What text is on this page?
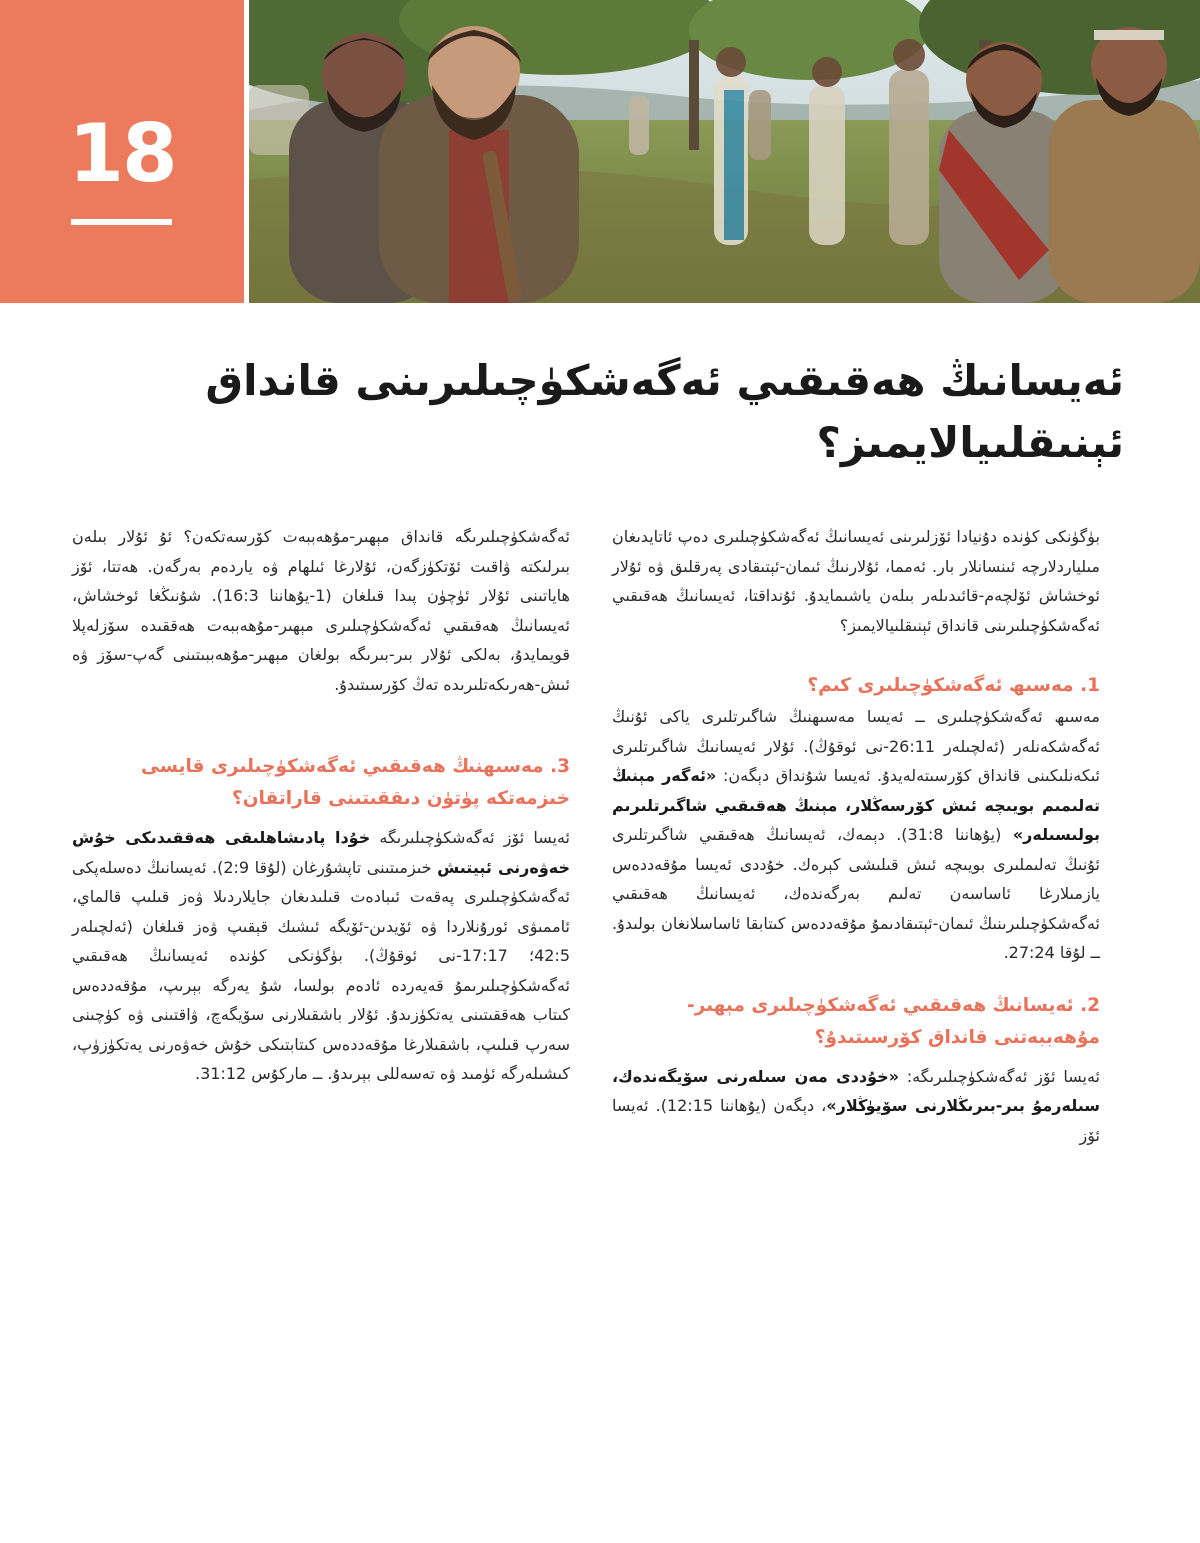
18
ئەيسانىڭ ھەقىقىي ئەگەشكۈچىلىرىنى قانداق ئېنىقلىيالايمىز؟

بۈگۈنكى كۈندە دۇنيادا ئۆزلىرىنى ئەيسانىڭ ئەگەشكۈچىلىرى دەپ ئاتايدىغان مىلياردلارچە ئىنسانلار بار. ئەمما، ئۇلارنىڭ ئىمان-ئېتىقادى پەرقلىق ۋە ئۇلار ئوخشاش ئۆلچەم-قائىدىلەر بىلەن ياشىمايدۇ. ئۇنداقتا، ئەيسانىڭ ھەقىقىي ئەگەشكۈچىلىرىنى قانداق ئېنىقلىيالايمىز؟

1. مەسىھ ئەگەشكۈچىلىرى كىم؟

مەسىھ ئەگەشكۈچىلىرى ــ ئەيسا مەسىھنىڭ شاگىرتلىرى ياكى ئۇنىڭ ئەگەشكەنلەر (ئەلچىلەر 26:11-نى ئوقۇڭ). ئۇلار ئەيسانىڭ شاگىرتلىرى ئىكەنلىكىنى قانداق كۆرسىتەلەيدۇ. ئەيسا شۇنداق دېگەن: «ئەگەر مېنىڭ تەلىمىم بويىچە ئىش كۆرسەڭلار، مېنىڭ ھەقىقىي شاگىرتلىرىم بولىسىلەر» (يۇھاننا 31:8). دېمەك، ئەيسانىڭ ھەقىقىي شاگىرتلىرى ئۇنىڭ تەلىملىرى بويىچە ئىش قىلىشى كېرەك. خۇددى ئەيسا مۇقەددەس يازمىلارغا ئاساسەن تەلىم بەرگەندەك، ئەيسانىڭ ھەقىقىي ئەگەشكۈچىلىرىنىڭ ئىمان-ئېتىقادىمۇ مۇقەددەس كىتابقا ئاساسلانغان بولىدۇ. ــ لۇقا 27:24.

2. ئەيسانىڭ ھەقىقىي ئەگەشكۈچىلىرى مېھىر-مۇھەببەتنى قانداق كۆرسىتىدۇ؟

ئەيسا ئۆز ئەگەشكۈچىلىرىگە: «خۇددى مەن سىلەرنى سۆيگەندەك، سىلەرمۇ بىر-بىرىڭلارنى سۆيۈڭلار»، دېگەن (يۇھاننا 12:15). ئەيسا ئۆز

ئەگەشكۈچىلىرىگە قانداق مېھىر-مۇھەببەت كۆرسەتكەن؟ ئۇ ئۇلار بىلەن بىرلىكتە ۋاقىت ئۆتكۈزگەن، ئۇلارغا ئىلھام ۋە ياردەم بەرگەن. ھەتتا، ئۆز ھاياتىنى ئۇلار ئۈچۈن پىدا قىلغان (1-يۇھاننا 16:3). شۇنىڭغا ئوخشاش، ئەيسانىڭ ھەقىقىي ئەگەشكۈچىلىرى مېھىر-مۇھەببەت ھەققىدە سۆزلەپلا قويمايدۇ، بەلكى ئۇلار بىر-بىرىگە بولغان مېھىر-مۇھەببىتىنى گەپ-سۆز ۋە ئىش-ھەرىكەتلىرىدە تەڭ كۆرسىتىدۇ.

3. مەسىھنىڭ ھەقىقىي ئەگەشكۈچىلىرى قايسى خىزمەتكە پۈتۈن دىققىتىنى قاراتقان؟

ئەيسا ئۆز ئەگەشكۈچىلىرىگە خۇدا پادىشاھلىقى ھەققىدىكى خۇش خەۋەرنى ئېيتىش خىزمىتىنى تاپشۇرغان (لۇقا 2:9). ئەيسانىڭ دەسلەپكى ئەگەشكۈچىلىرى پەقەت ئىبادەت قىلىدىغان جايلاردىلا ۋەز قىلىپ قالماي، ئاممىۋى ئورۇنلاردا ۋە ئۆيدىن-ئۆيگە ئىشىك قېقىپ ۋەز قىلغان (ئەلچىلەر 42:5؛ 17:17-نى ئوقۇڭ). بۈگۈنكى كۈندە ئەيسانىڭ ھەقىقىي ئەگەشكۈچىلىرىمۇ قەيەردە ئادەم بولسا، شۇ يەرگە بېرىپ، مۇقەددەس كىتاب ھەققىتىنى يەتكۈزىدۇ. ئۇلار باشقىلارنى سۆيگەچ، ۋاقتىنى ۋە كۈچىنى سەرپ قىلىپ، باشقىلارغا مۇقەددەس كىتابتىكى خۇش خەۋەرنى يەتكۈزۈپ، كىشىلەرگە ئۈمىد ۋە تەسەللى بېرىدۇ. ــ ماركۇس 31:12.
